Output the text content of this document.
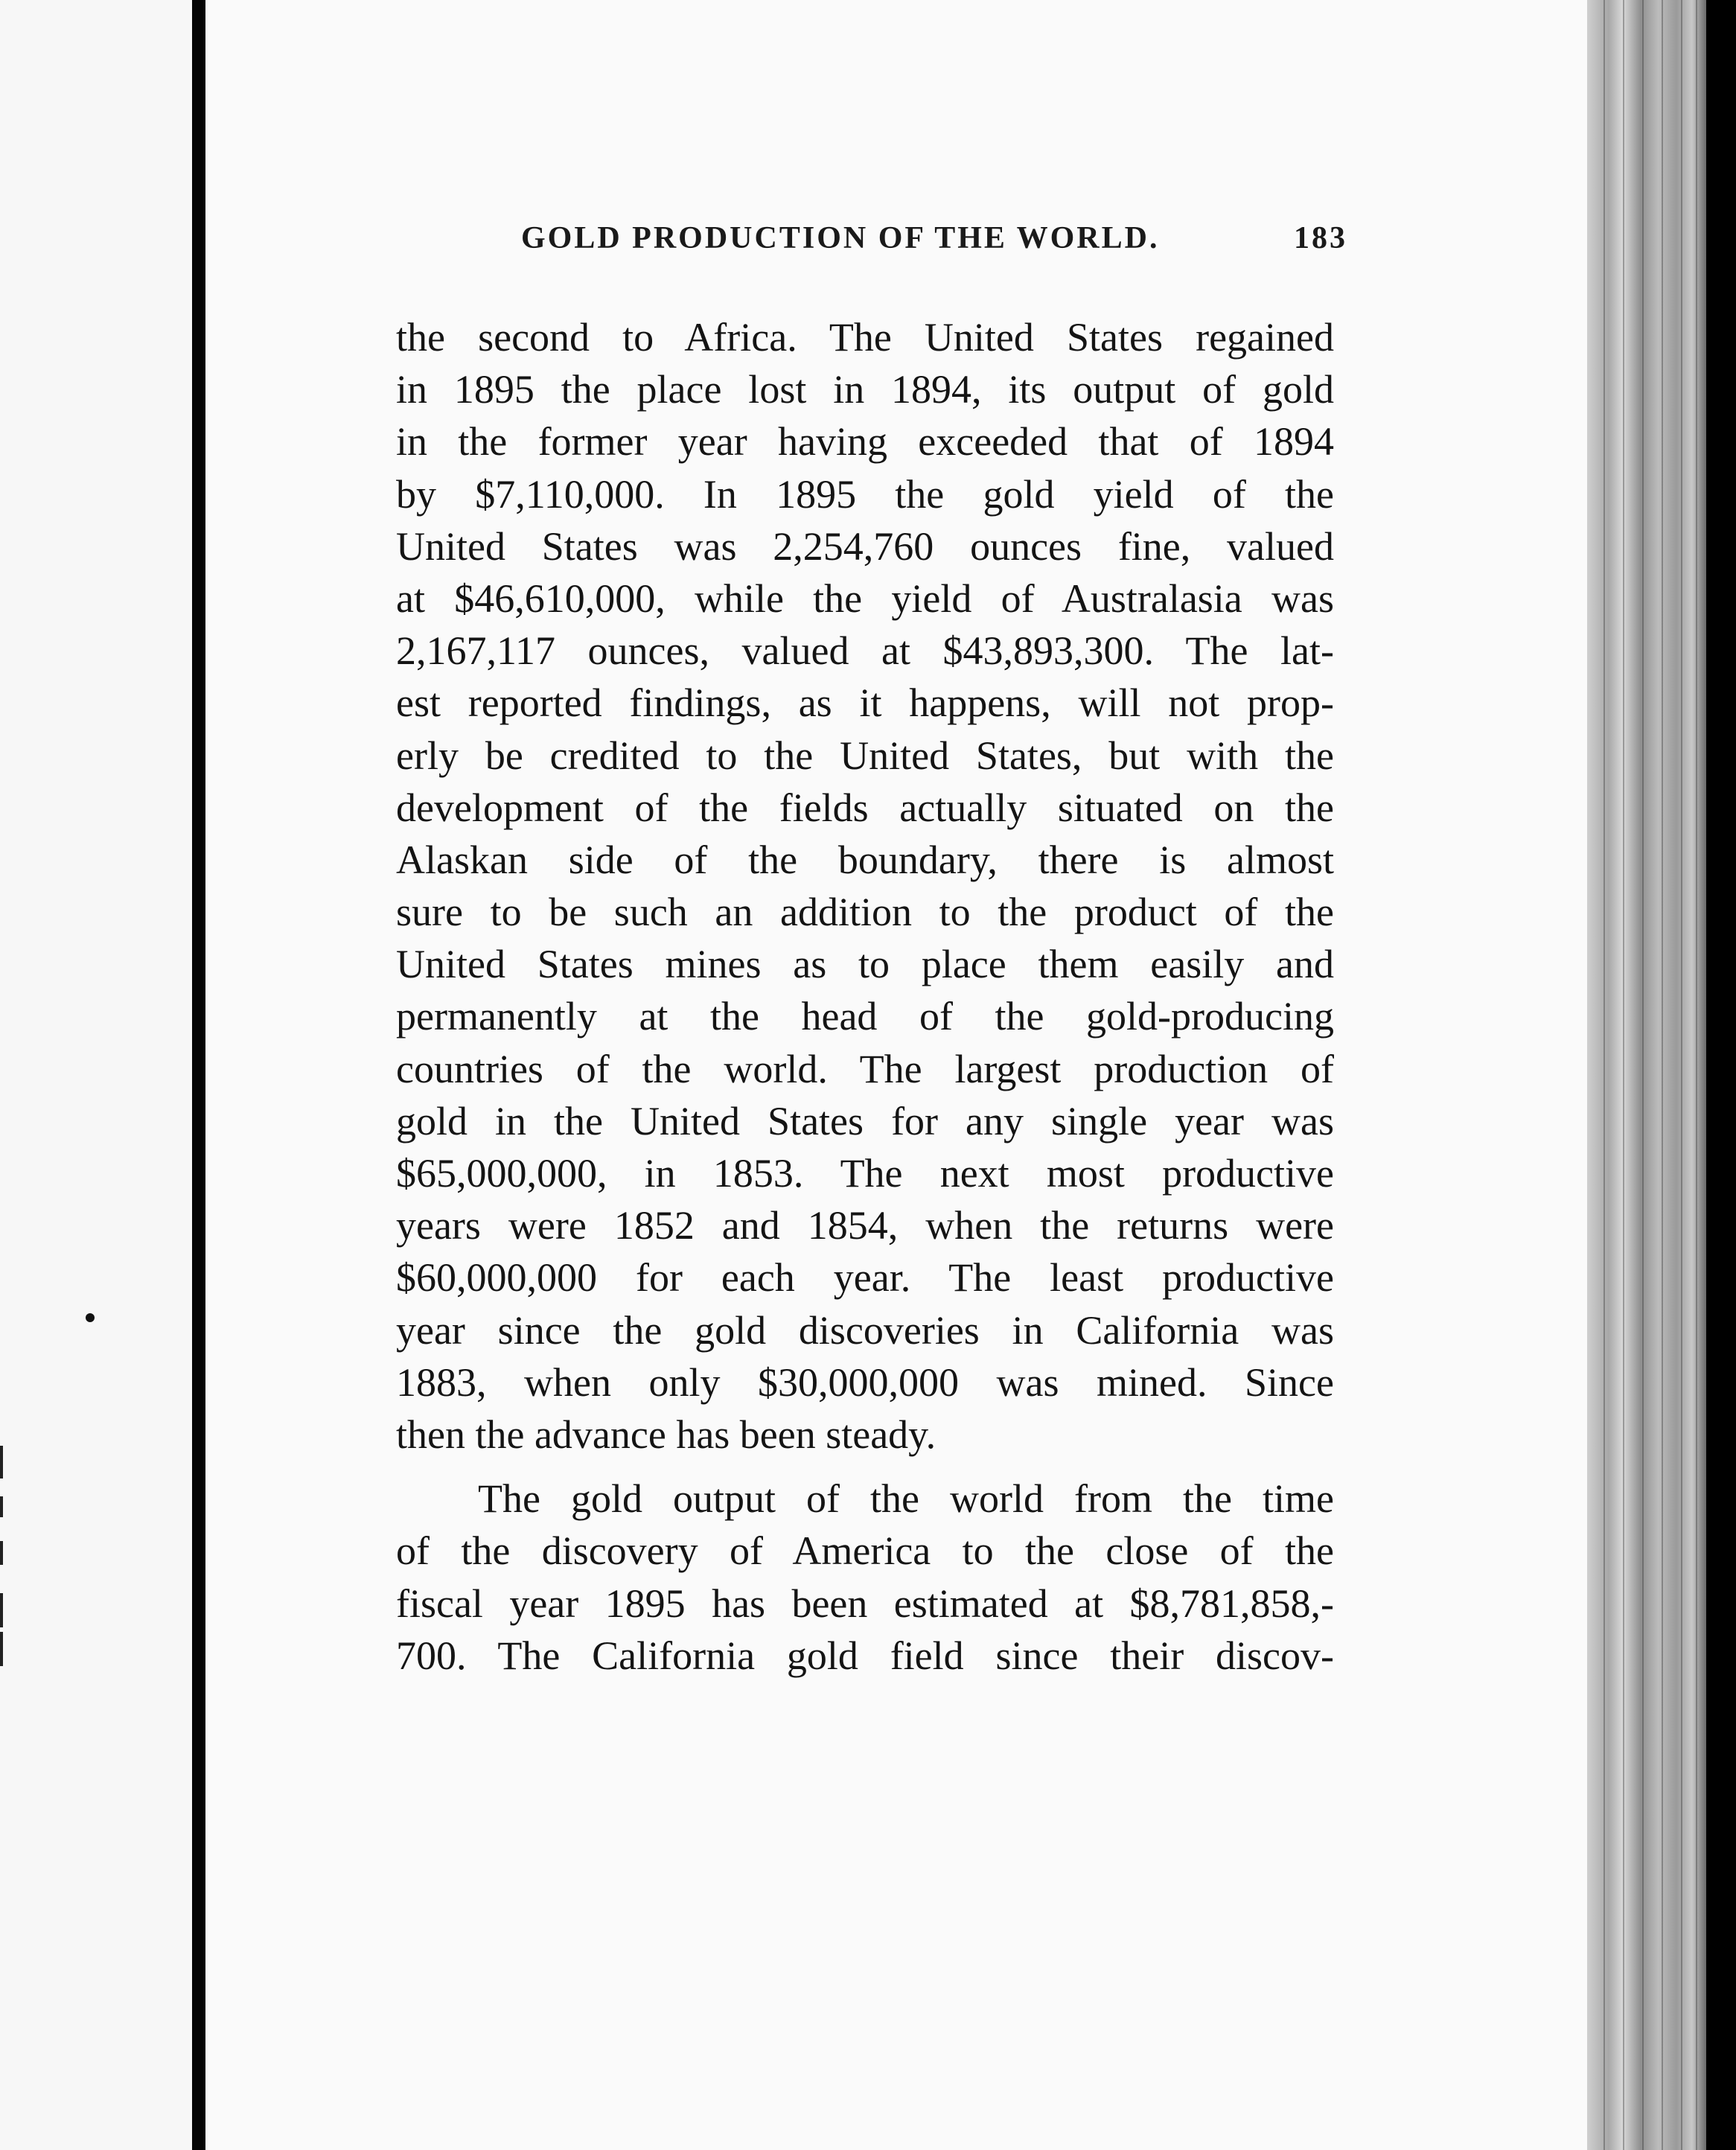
GOLD PRODUCTION OF THE WORLD.	183
the second to Africa. The United States regained
in 1895 the place lost in 1894, its output of gold
in the former year having exceeded that of 1894
by $7,110,000. In 1895 the gold yield of the
United States was 2,254,760 ounces fine, valued
at $46,610,000, while the yield of Australasia was
2,167,117 ounces, valued at $43,893,300. The lat-
est reported findings, as it happens, will not prop-
erly be credited to the United States, but with the
development of the fields actually situated on the
Alaskan side of the boundary, there is almost
sure to be such an addition to the product of the
United States mines as to place them easily and
permanently at the head of the gold-producing
countries of the world. The largest production of
gold in the United States for any single year was
$65,000,000, in 1853. The next most productive
years were 1852 and 1854, when the returns were
$60,000,000 for each year. The least productive
year since the gold discoveries in California was
1883, when only $30,000,000 was mined. Since
then the advance has been steady.
The gold output of the world from the time
of the discovery of America to the close of the
fiscal year 1895 has been estimated at $8,781,858,-
700. The California gold field since their discov-
